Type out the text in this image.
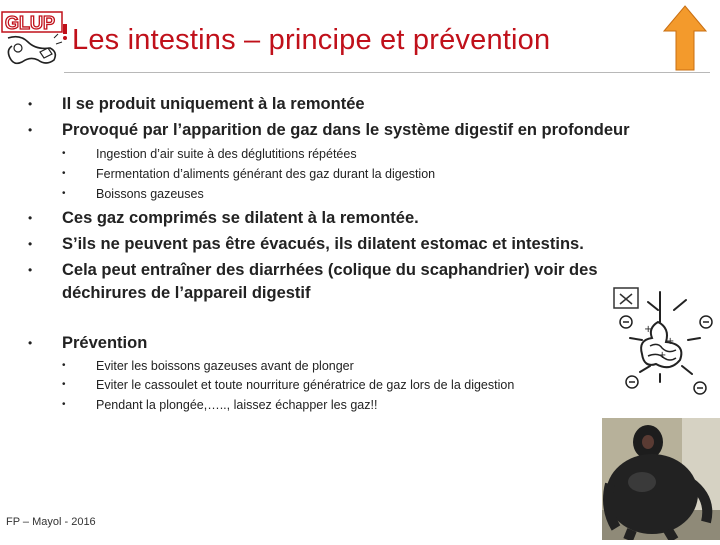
GLUP
Les intestins – principe et prévention
• Il se produit uniquement à la remontée
• Provoqué par l’apparition de gaz dans le système digestif en profondeur
• Ingestion d’air suite à des déglutitions répétées
• Fermentation d’aliments générant des gaz durant la digestion
• Boissons gazeuses
• Ces gaz comprimés se dilatent à la remontée.
• S’ils ne peuvent pas être évacués, ils dilatent estomac et intestins.
• Cela peut entraîner des diarrhées (colique du scaphandrier) voir des
déchirures de l’appareil digestif
• Prévention
• Eviter les boissons gazeuses avant de plonger
• Eviter le cassoulet et toute nourriture génératrice de gaz lors de la digestion
• Pendant la plongée,….., laissez échapper les gaz!!
+
+
+
FP – Mayol - 2016
